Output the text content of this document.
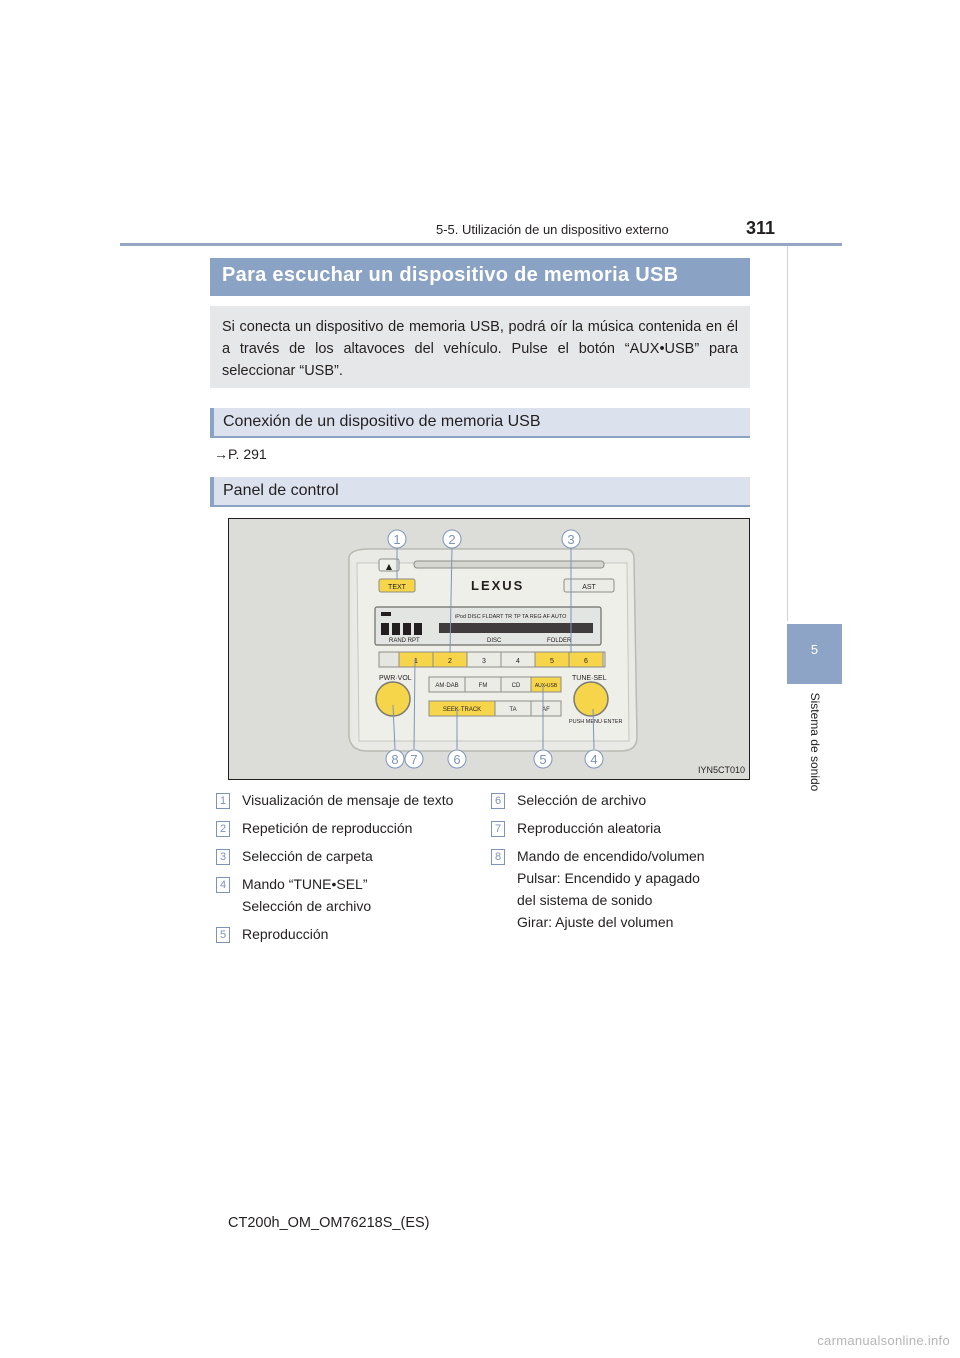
5-5. Utilización de un dispositivo externo	311
5
Sistema de sonido
Para escuchar un dispositivo de memoria USB
Si conecta un dispositivo de memoria USB, podrá oír la música contenida en él a través de los altavoces del vehículo. Pulse el botón “AUX•USB” para seleccionar “USB”.
Conexión de un dispositivo de memoria USB
→P. 291
Panel de control
▲
TEXT	LEXUS	AST
iPod DISC FLDART TR TP TA REG AF AUTO
RAND RPT	DISC	FOLDER
1	2	3	4	5	6
PWR·VOL	TUNE·SEL
PUSH MENU·ENTER
AM·DAB	FM	CD	AUX•USB
SEEK·TRACK	TA	AF
1	2	3
8 7	6	5	4
IYN5CT010
1 Visualización de mensaje de texto
2 Repetición de reproducción
3 Selección de carpeta
4 Mando “TUNE•SEL”
Selección de archivo
5 Reproducción
6 Selección de archivo
7 Reproducción aleatoria
8 Mando de encendido/volumen
Pulsar: Encendido y apagado
del sistema de sonido
Girar: Ajuste del volumen
CT200h_OM_OM76218S_(ES)
carmanualsonline.info
